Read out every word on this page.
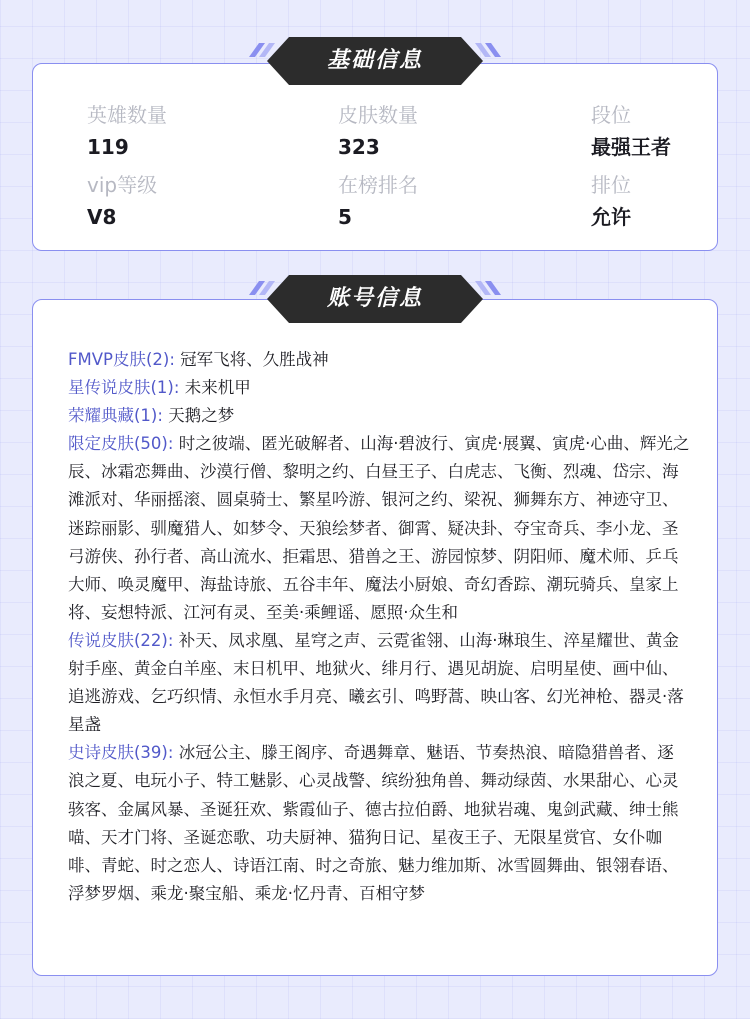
英雄数量
119
皮肤数量
323
段位
最强王者
vip等级
V8
在榜排名
5
排位
允许
基础信息

FMVP皮肤(2): 冠军飞将、久胜战神

星传说皮肤(1): 未来机甲

荣耀典藏(1): 天鹅之梦

限定皮肤(50): 时之彼端、匿光破解者、山海·碧波行、寅虎·展翼、寅虎·心曲、辉光之辰、冰霜恋舞曲、沙漠行僧、黎明之约、白昼王子、白虎志、飞衡、烈魂、岱宗、海滩派对、华丽摇滚、圆桌骑士、繁星吟游、银河之约、梁祝、狮舞东方、神迹守卫、迷踪丽影、驯魔猎人、如梦令、天狼绘梦者、御霄、疑决卦、夺宝奇兵、李小龙、圣弓游侠、孙行者、高山流水、拒霜思、猎兽之王、游园惊梦、阴阳师、魔术师、乒乓大师、唤灵魔甲、海盐诗旅、五谷丰年、魔法小厨娘、奇幻香踪、潮玩骑兵、皇家上将、妄想特派、江河有灵、至美·乘鲤谣、愿照·众生和

传说皮肤(22): 补天、凤求凰、星穹之声、云霓雀翎、山海·琳琅生、淬星耀世、黄金射手座、黄金白羊座、末日机甲、地狱火、绯月行、遇见胡旋、启明星使、画中仙、追逃游戏、乞巧织情、永恒水手月亮、曦玄引、鸣野蒿、映山客、幻光神枪、器灵·落星盏

史诗皮肤(39): 冰冠公主、滕王阁序、奇遇舞章、魅语、节奏热浪、暗隐猎兽者、逐浪之夏、电玩小子、特工魅影、心灵战警、缤纷独角兽、舞动绿茵、水果甜心、心灵骇客、金属风暴、圣诞狂欢、紫霞仙子、德古拉伯爵、地狱岩魂、鬼剑武藏、绅士熊喵、天才门将、圣诞恋歌、功夫厨神、猫狗日记、星夜王子、无限星赏官、女仆咖啡、青蛇、时之恋人、诗语江南、时之奇旅、魅力维加斯、冰雪圆舞曲、银翎春语、浮梦罗烟、乘龙·聚宝船、乘龙·忆丹青、百相守梦

账号信息
